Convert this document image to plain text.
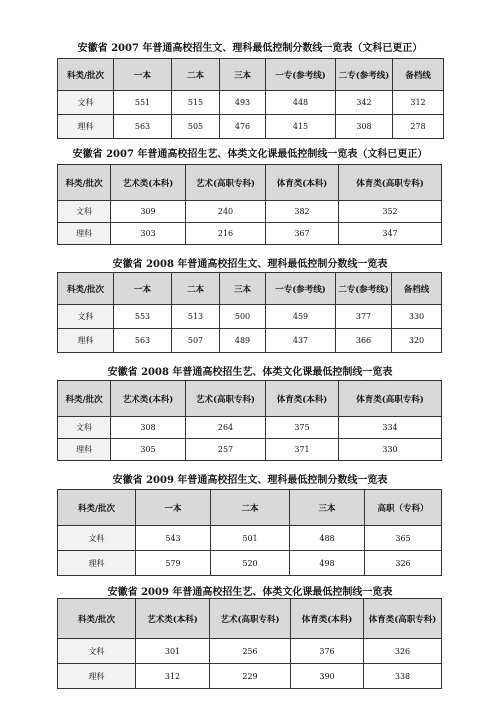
安徽省 2007 年普通高校招生文、理科最低控制分数线一览表（文科已更正）
科类/批次	一本	二本	三本	一专(参考线)	二专(参考线)	备档线
文科	551	515	493	448	342	312
理科	563	505	476	415	308	278
安徽省 2007 年普通高校招生艺、体类文化课最低控制线一览表（文科已更正）
科类/批次	艺术类(本科)	艺术(高职专科)	体育类(本科)	体育类(高职专科)
文科	309	240	382	352
理科	303	216	367	347
安徽省 2008 年普通高校招生文、理科最低控制分数线一览表
科类/批次	一本	二本	三本	一专(参考线)	二专(参考线)	备档线
文科	553	513	500	459	377	330
理科	563	507	489	437	366	320
安徽省 2008 年普通高校招生艺、体类文化课最低控制线一览表
科类/批次	艺术类(本科)	艺术(高职专科)	体育类(本科)	体育类(高职专科)
文科	308	264	375	334
理科	305	257	371	330
安徽省 2009 年普通高校招生文、理科最低控制分数线一览表
科类/批次	一本	二本	三本	高职（专科）
文科	543	501	488	365
理科	579	520	498	326
安徽省 2009 年普通高校招生艺、体类文化课最低控制线一览表
科类/批次	艺术类(本科)	艺术(高职专科)	体育类(本科)	体育类(高职专科)
文科	301	256	376	326
理科	312	229	390	338
